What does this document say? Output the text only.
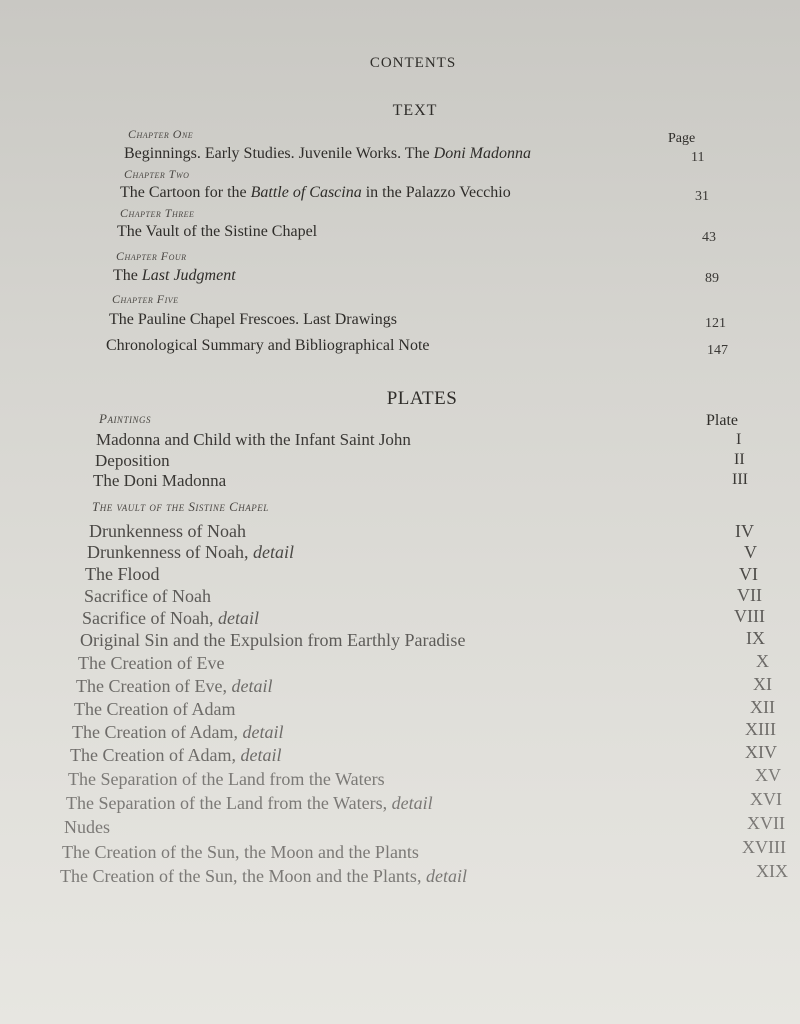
CONTENTS
TEXT
Page
Chapter One
Beginnings. Early Studies. Juvenile Works. The Doni Madonna	11
Chapter Two
The Cartoon for the Battle of Cascina in the Palazzo Vecchio	31
Chapter Three
The Vault of the Sistine Chapel	43
Chapter Four
The Last Judgment	89
Chapter Five
The Pauline Chapel Frescoes. Last Drawings	121
Chronological Summary and Bibliographical Note	147
PLATES
Plate
Paintings
Madonna and Child with the Infant Saint John	I
Deposition	II
The Doni Madonna	III
The vault of the Sistine Chapel
Drunkenness of Noah	IV
Drunkenness of Noah, detail	V
The Flood	VI
Sacrifice of Noah	VII
Sacrifice of Noah, detail	VIII
Original Sin and the Expulsion from Earthly Paradise	IX
The Creation of Eve	X
The Creation of Eve, detail	XI
The Creation of Adam	XII
The Creation of Adam, detail	XIII
The Creation of Adam, detail	XIV
The Separation of the Land from the Waters	XV
The Separation of the Land from the Waters, detail	XVI
Nudes	XVII
The Creation of the Sun, the Moon and the Plants	XVIII
The Creation of the Sun, the Moon and the Plants, detail	XIX
